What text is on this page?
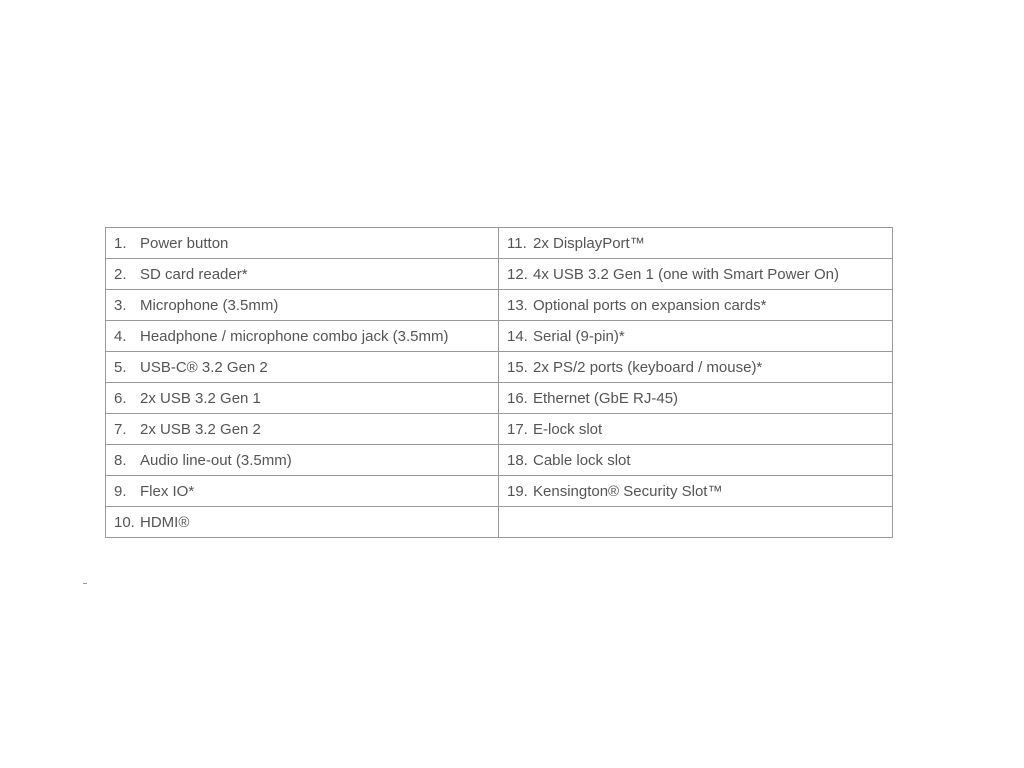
1. Power button	11. 2x DisplayPort™
2. SD card reader*	12. 4x USB 3.2 Gen 1 (one with Smart Power On)
3. Microphone (3.5mm)	13. Optional ports on expansion cards*
4. Headphone / microphone combo jack (3.5mm)	14. Serial (9-pin)*
5. USB-C® 3.2 Gen 2	15. 2x PS/2 ports (keyboard / mouse)*
6. 2x USB 3.2 Gen 1	16. Ethernet (GbE RJ-45)
7. 2x USB 3.2 Gen 2	17. E-lock slot
8. Audio line-out (3.5mm)	18. Cable lock slot
9. Flex IO*	19. Kensington® Security Slot™
10. HDMI®	
